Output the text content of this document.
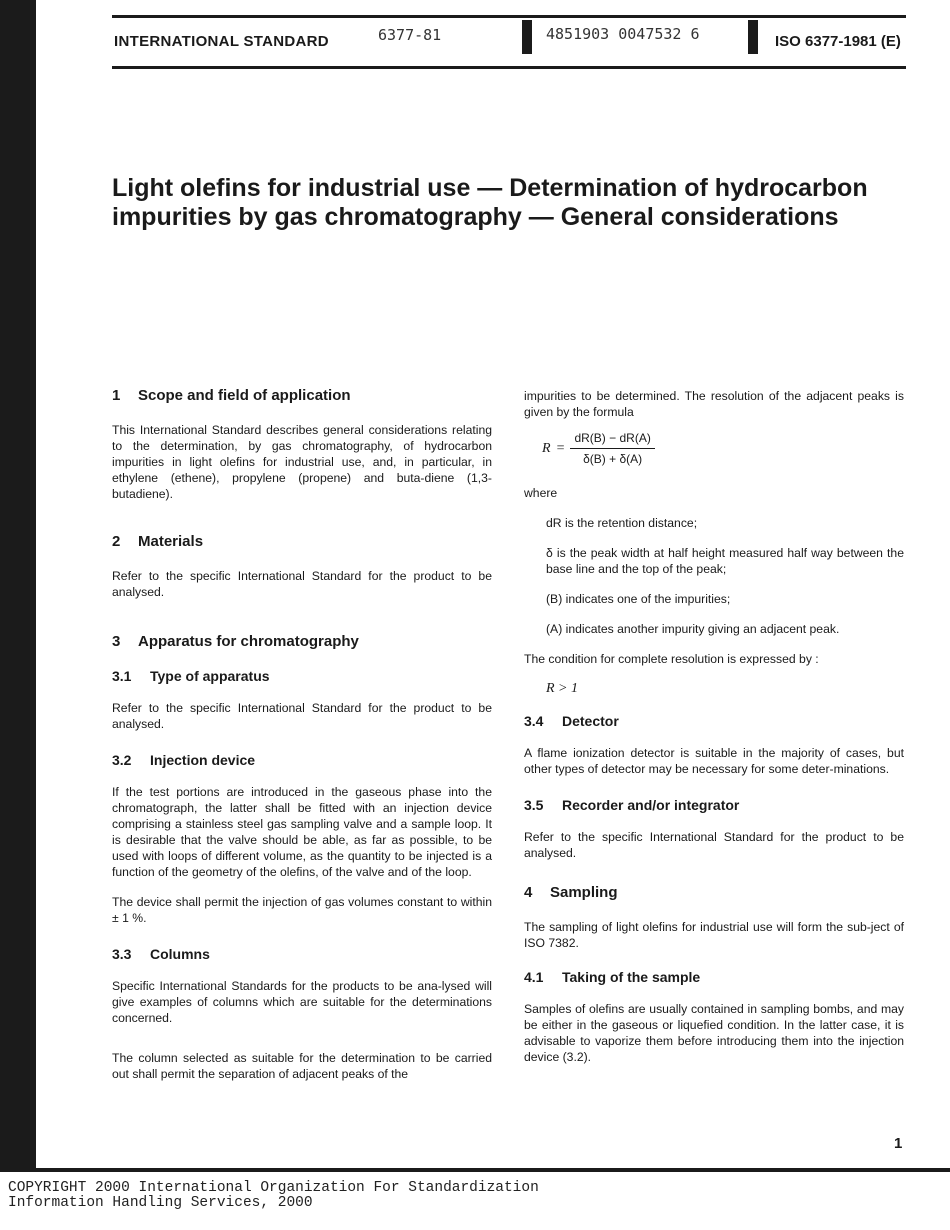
INTERNATIONAL STANDARD	6377-81	4851903 0047532 6	ISO 6377-1981 (E)
Light olefins for industrial use — Determination of hydrocarbon impurities by gas chromatography — General considerations
1 Scope and field of application

This International Standard describes general considerations relating to the determination, by gas chromatography, of hydrocarbon impurities in light olefins for industrial use, and, in particular, in ethylene (ethene), propylene (propene) and buta-diene (1,3-butadiene).

2 Materials

Refer to the specific International Standard for the product to be analysed.

3 Apparatus for chromatography
3.1 Type of apparatus

Refer to the specific International Standard for the product to be analysed.

3.2 Injection device

If the test portions are introduced in the gaseous phase into the chromatograph, the latter shall be fitted with an injection device comprising a stainless steel gas sampling valve and a sample loop. It is desirable that the valve should be able, as far as possible, to be used with loops of different volume, as the quantity to be injected is a function of the geometry of the olefins, of the valve and of the loop.

The device shall permit the injection of gas volumes constant to within ± 1 %.

3.3 Columns

Specific International Standards for the products to be ana-lysed will give examples of columns which are suitable for the determinations concerned.

The column selected as suitable for the determination to be carried out shall permit the separation of adjacent peaks of the

impurities to be determined. The resolution of the adjacent peaks is given by the formula

$R = \frac{dR(B) - dR(A)}{\delta(B) + \delta(A)}$

where

dR is the retention distance;
δ is the peak width at half height measured half way between the base line and the top of the peak;
(B) indicates one of the impurities;
(A) indicates another impurity giving an adjacent peak.

The condition for complete resolution is expressed by :

R > 1
3.4 Detector

A flame ionization detector is suitable in the majority of cases, but other types of detector may be necessary for some deter-minations.

3.5 Recorder and/or integrator

Refer to the specific International Standard for the product to be analysed.

4 Sampling

The sampling of light olefins for industrial use will form the sub-ject of ISO 7382.

4.1 Taking of the sample

Samples of olefins are usually contained in sampling bombs, and may be either in the gaseous or liquefied condition. In the latter case, it is advisable to vaporize them before introducing them into the injection device (3.2).

1
COPYRIGHT 2000 International Organization For Standardization
Information Handling Services, 2000
